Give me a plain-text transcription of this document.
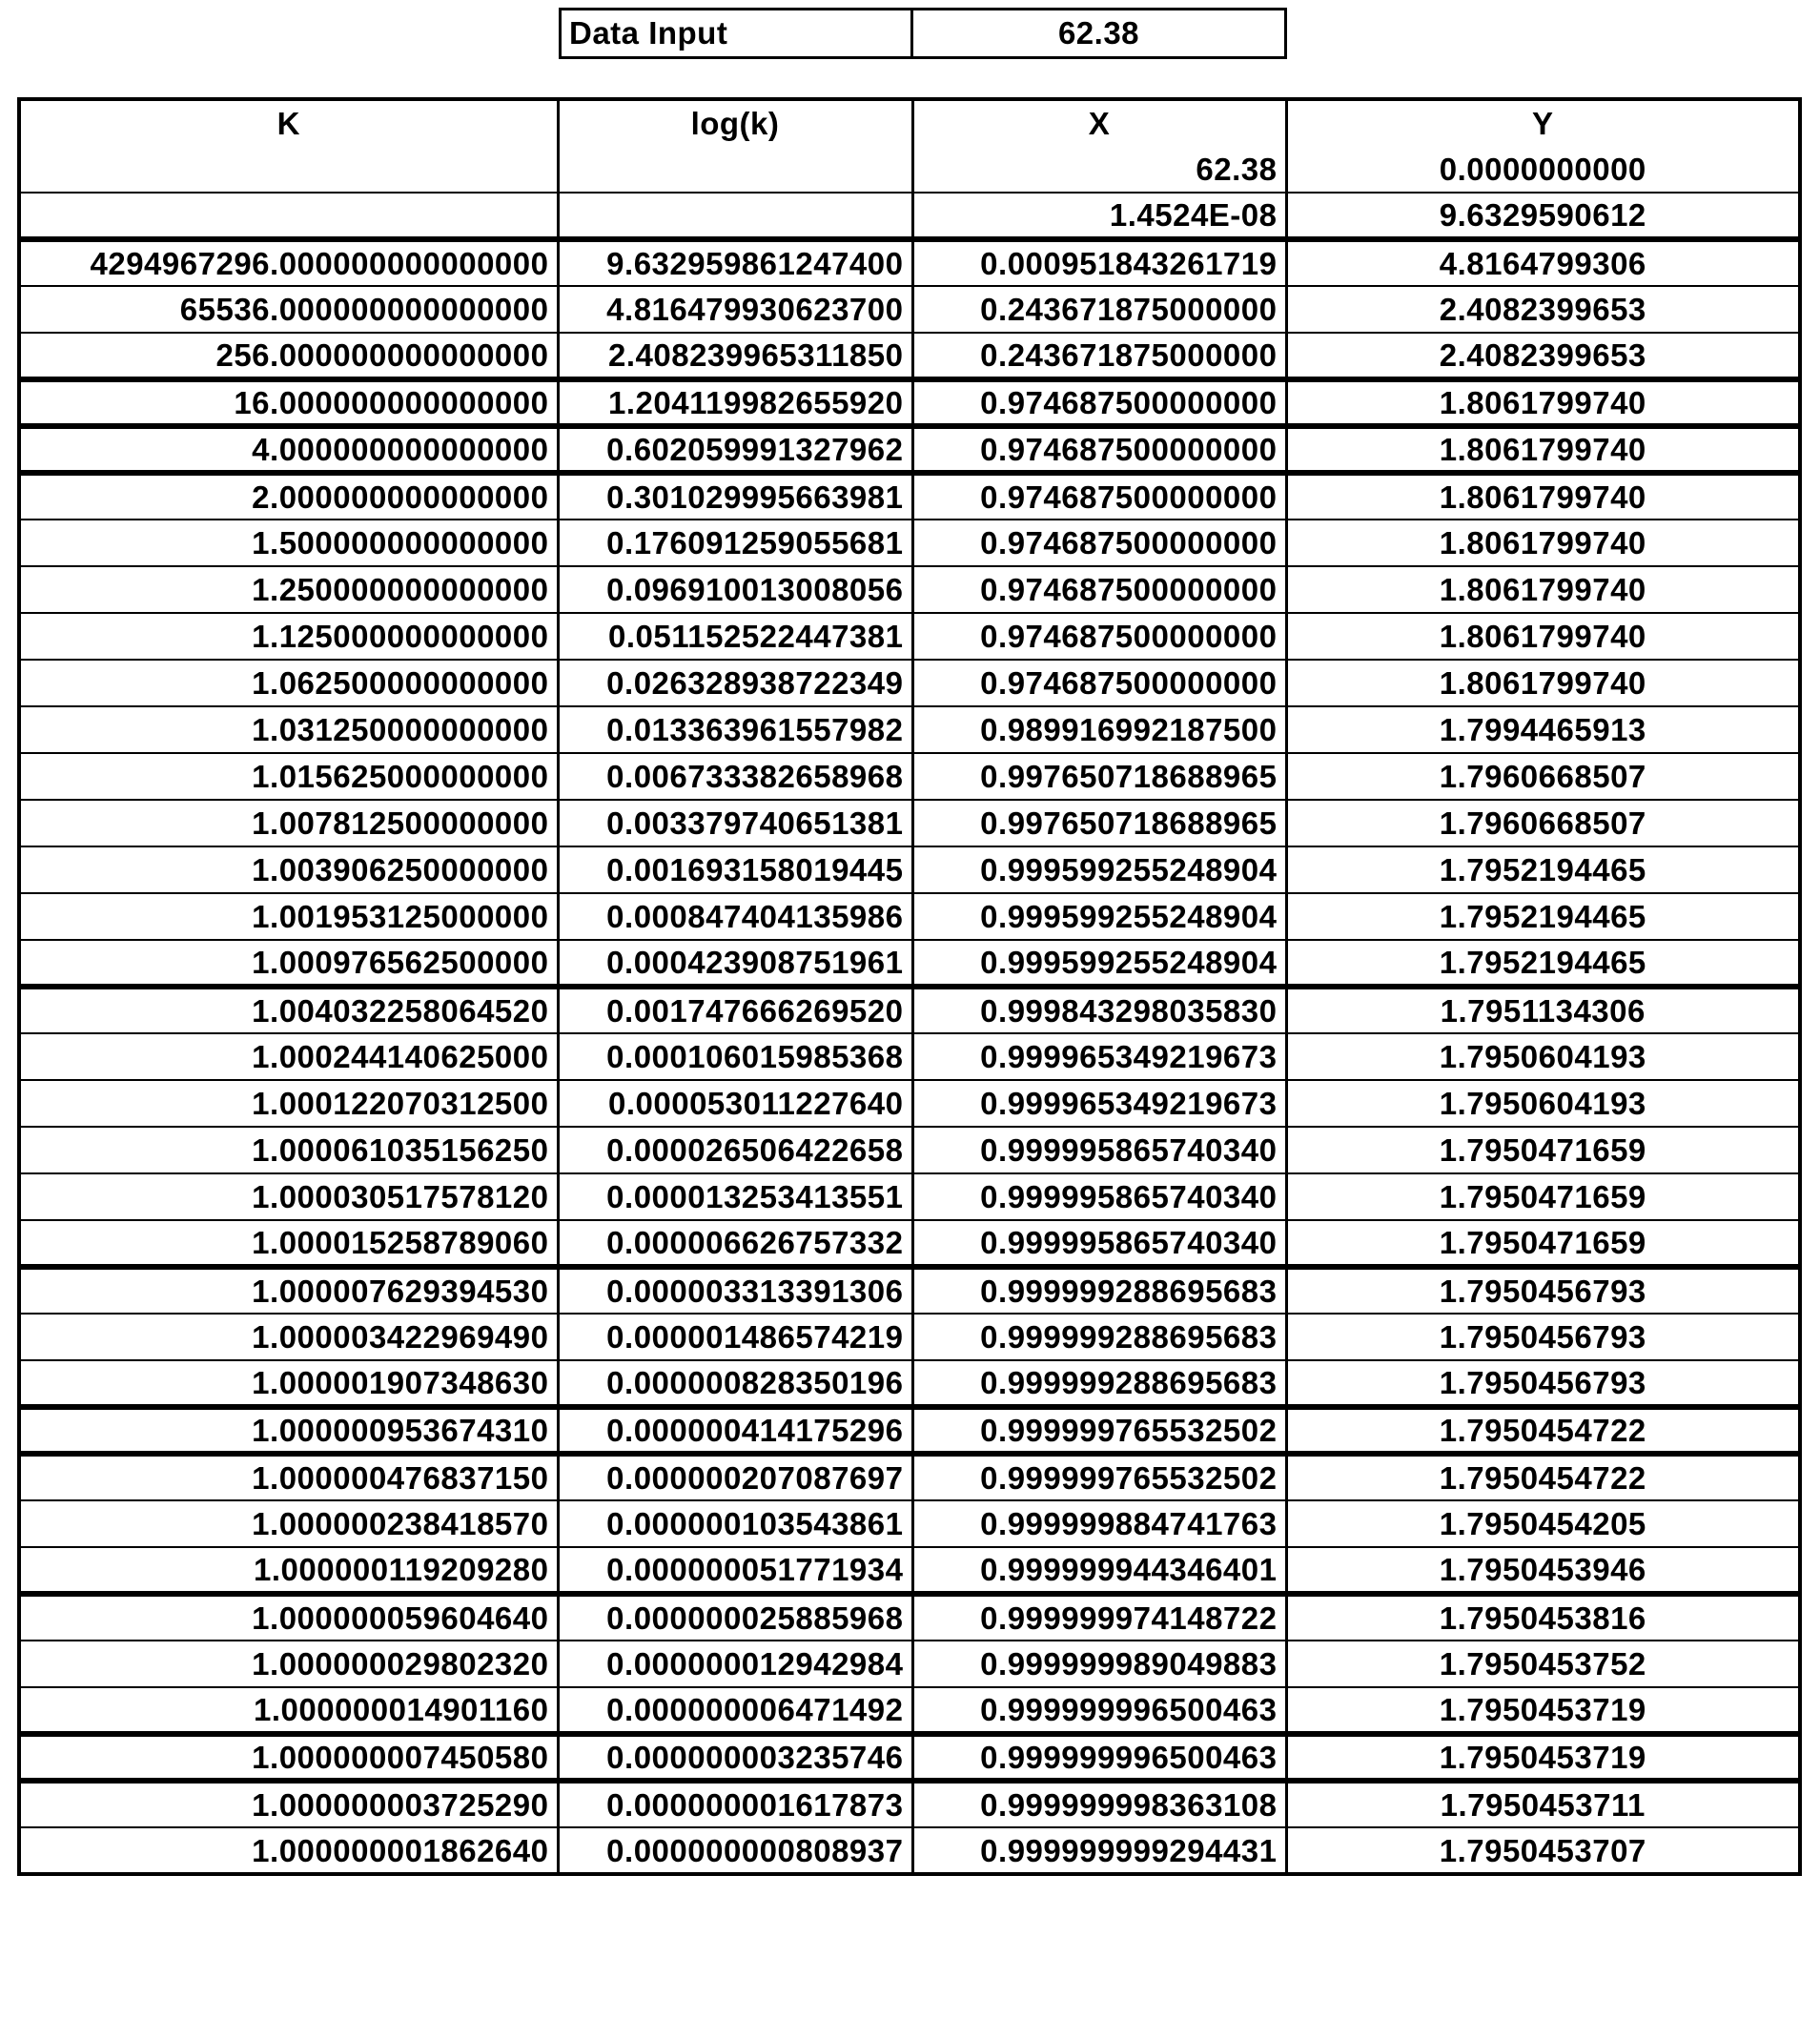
Data Input	62.38
K	log(k)	X	Y
		62.38	0.0000000000
		1.4524E-08	9.6329590612
4294967296.000000000000000	9.632959861247400	0.000951843261719	4.8164799306
65536.000000000000000	4.816479930623700	0.243671875000000	2.4082399653
256.000000000000000	2.408239965311850	0.243671875000000	2.4082399653
16.000000000000000	1.204119982655920	0.974687500000000	1.8061799740
4.000000000000000	0.602059991327962	0.974687500000000	1.8061799740
2.000000000000000	0.301029995663981	0.974687500000000	1.8061799740
1.500000000000000	0.176091259055681	0.974687500000000	1.8061799740
1.250000000000000	0.096910013008056	0.974687500000000	1.8061799740
1.125000000000000	0.051152522447381	0.974687500000000	1.8061799740
1.062500000000000	0.026328938722349	0.974687500000000	1.8061799740
1.031250000000000	0.013363961557982	0.989916992187500	1.7994465913
1.015625000000000	0.006733382658968	0.997650718688965	1.7960668507
1.007812500000000	0.003379740651381	0.997650718688965	1.7960668507
1.003906250000000	0.001693158019445	0.999599255248904	1.7952194465
1.001953125000000	0.000847404135986	0.999599255248904	1.7952194465
1.000976562500000	0.000423908751961	0.999599255248904	1.7952194465
1.004032258064520	0.001747666269520	0.999843298035830	1.7951134306
1.000244140625000	0.000106015985368	0.999965349219673	1.7950604193
1.000122070312500	0.000053011227640	0.999965349219673	1.7950604193
1.000061035156250	0.000026506422658	0.999995865740340	1.7950471659
1.000030517578120	0.000013253413551	0.999995865740340	1.7950471659
1.000015258789060	0.000006626757332	0.999995865740340	1.7950471659
1.000007629394530	0.000003313391306	0.999999288695683	1.7950456793
1.000003422969490	0.000001486574219	0.999999288695683	1.7950456793
1.000001907348630	0.000000828350196	0.999999288695683	1.7950456793
1.000000953674310	0.000000414175296	0.999999765532502	1.7950454722
1.000000476837150	0.000000207087697	0.999999765532502	1.7950454722
1.000000238418570	0.000000103543861	0.999999884741763	1.7950454205
1.000000119209280	0.000000051771934	0.999999944346401	1.7950453946
1.000000059604640	0.000000025885968	0.999999974148722	1.7950453816
1.000000029802320	0.000000012942984	0.999999989049883	1.7950453752
1.000000014901160	0.000000006471492	0.999999996500463	1.7950453719
1.000000007450580	0.000000003235746	0.999999996500463	1.7950453719
1.000000003725290	0.000000001617873	0.999999998363108	1.7950453711
1.000000001862640	0.000000000808937	0.999999999294431	1.7950453707
